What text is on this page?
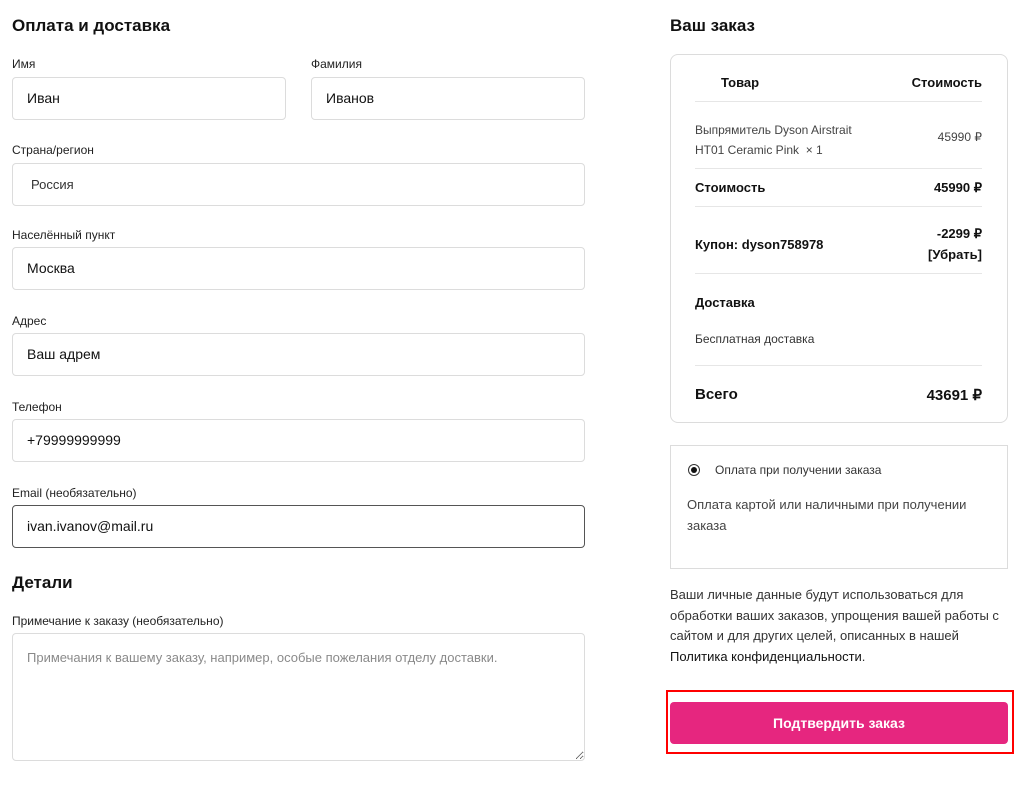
Оплата и доставка
Имя
Иван
Фамилия
Иванов
Страна/регион
Россия
Населённый пункт
Москва
Адрес
Ваш адрем
Телефон
+79999999999
Email (необязательно)
ivan.ivanov@mail.ru
Детали
Примечание к заказу (необязательно)
Примечания к вашему заказу, например, особые пожелания отделу доставки.
Ваш заказ
Товар	Стоимость
Выпрямитель Dyson Airstrait
HT01 Ceramic Pink × 1
45990 ₽
Стоимость	45990 ₽
Купон: dyson758978
-2299 ₽
[Убрать]
Доставка
Бесплатная доставка
Всего	43691 ₽
Оплата при получении заказа
Оплата картой или наличными при получении заказа
Ваши личные данные будут использоваться для обработки ваших заказов, упрощения вашей работы с сайтом и для других целей, описанных в нашей Политика конфиденциальности.
Подтвердить заказ
